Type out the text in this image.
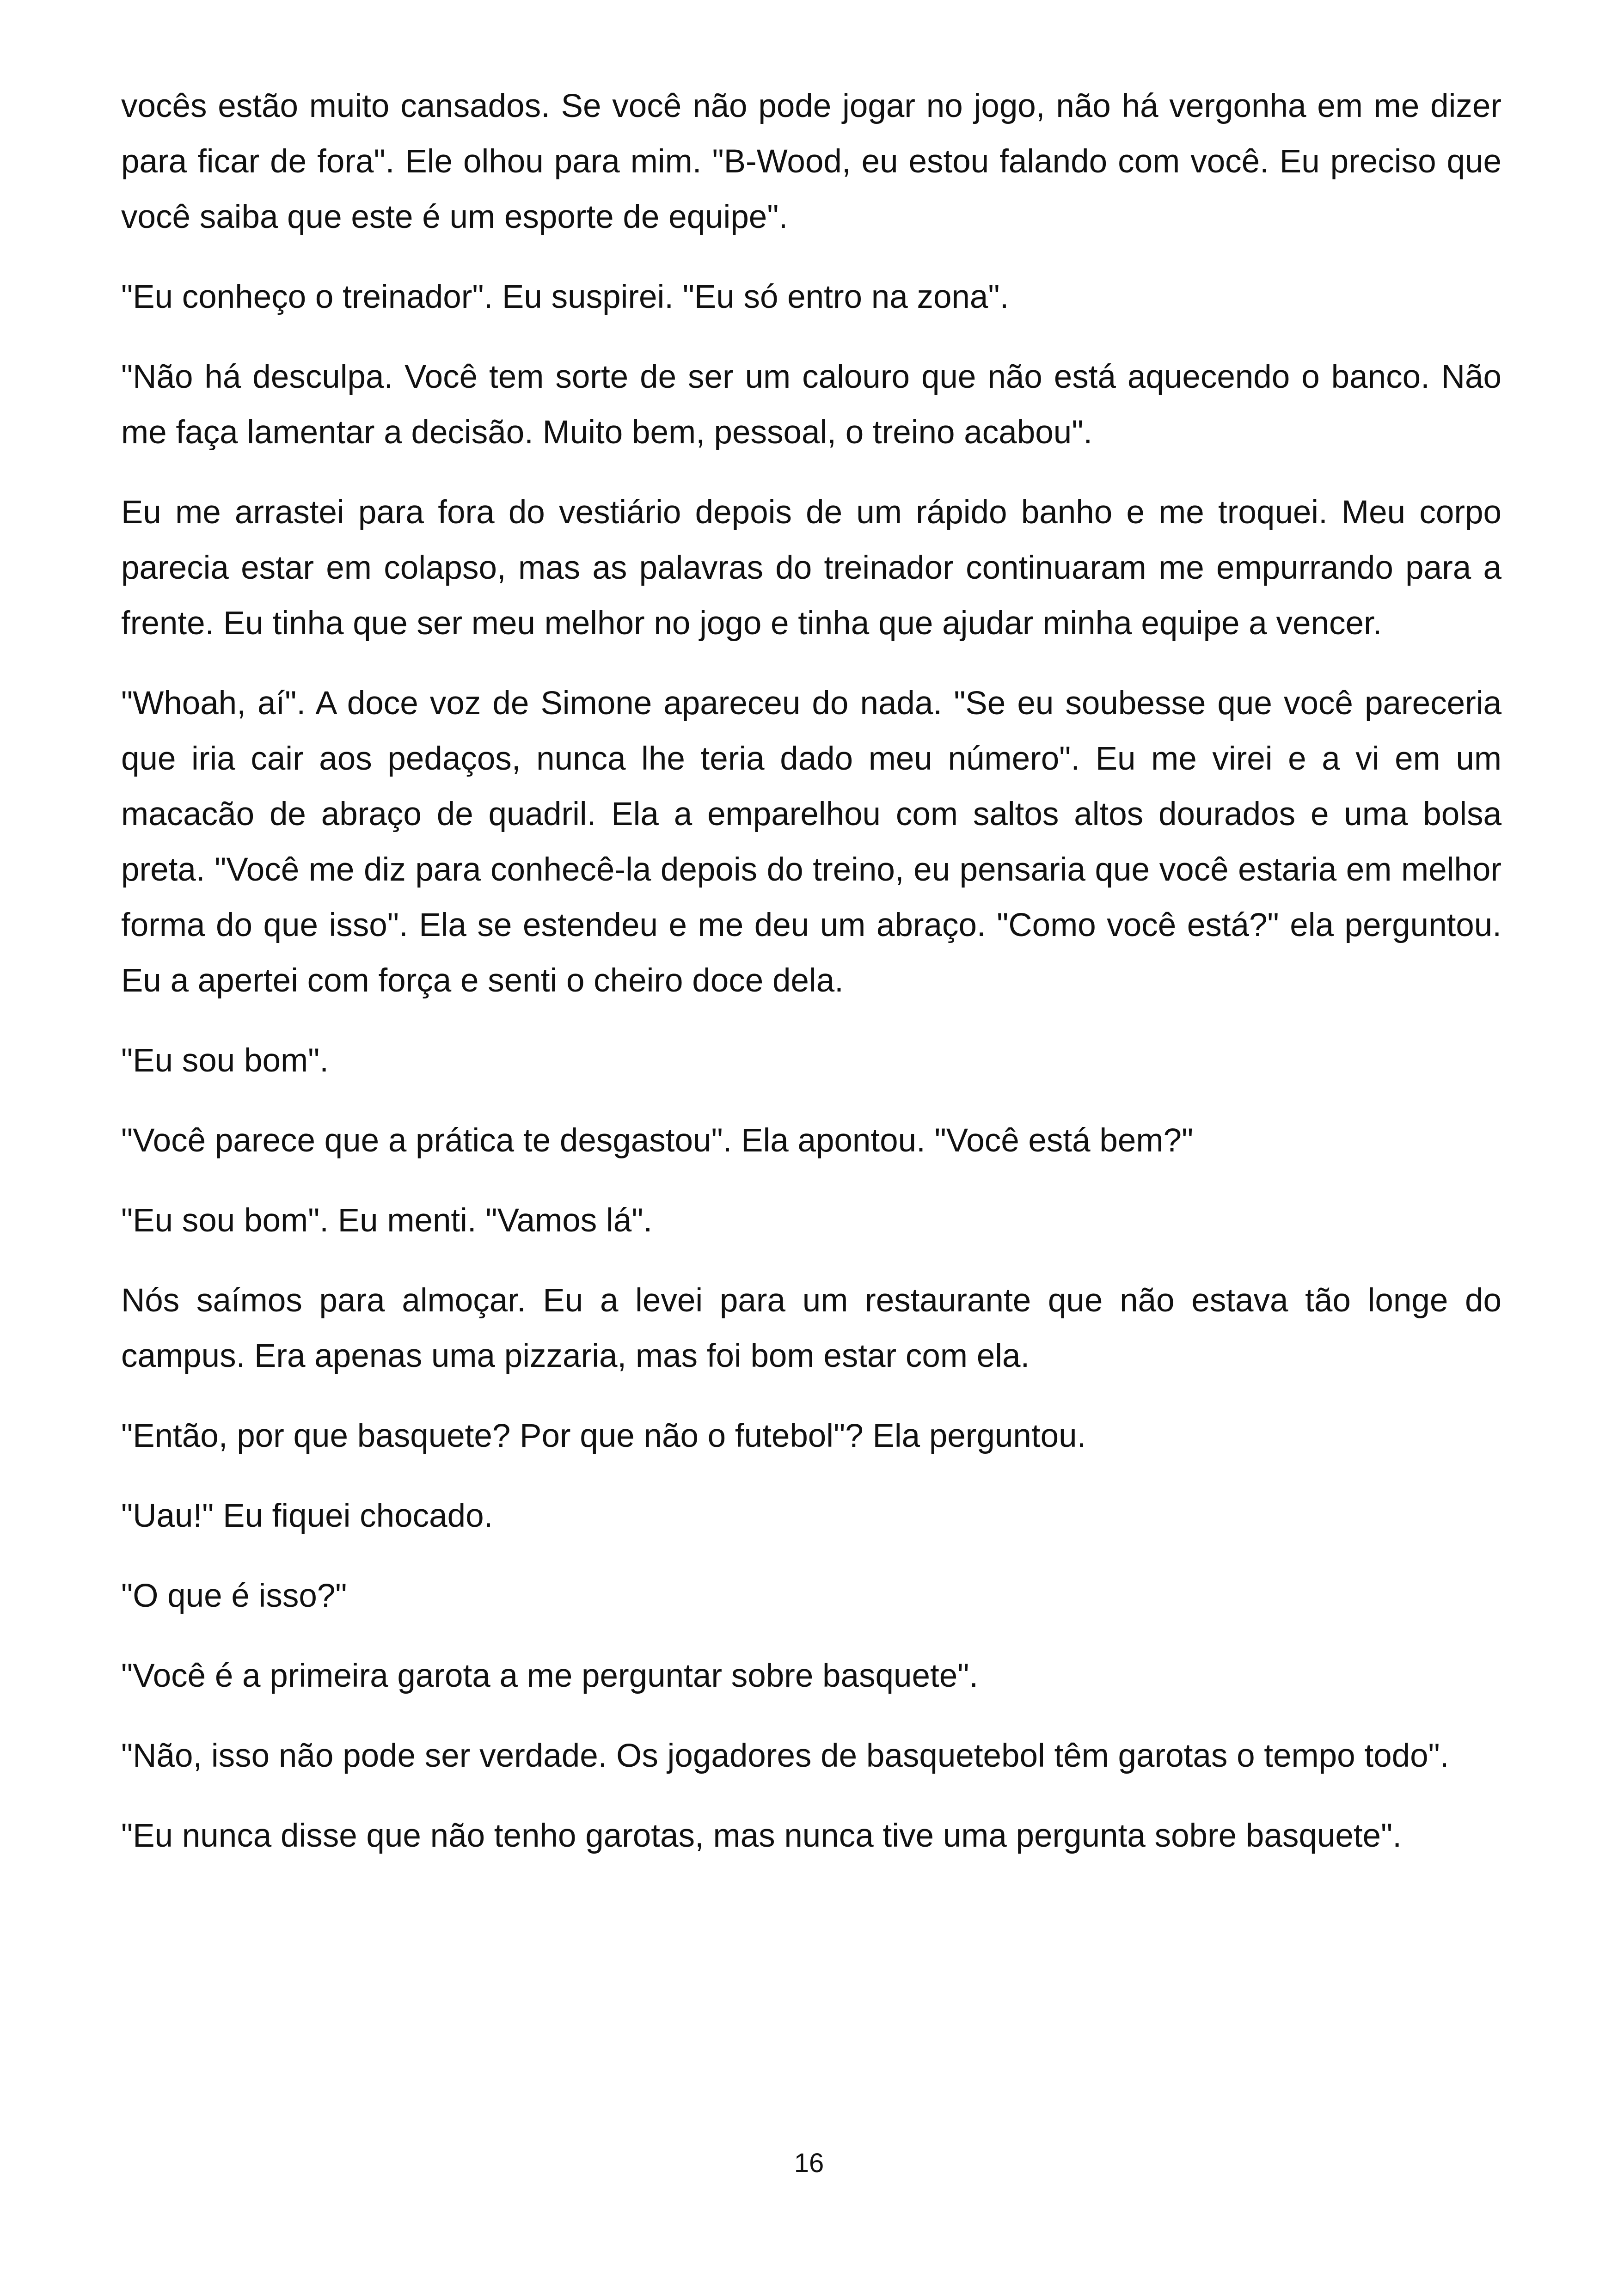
vocês estão muito cansados. Se você não pode jogar no jogo, não há vergonha em me dizer para ficar de fora". Ele olhou para mim. "B-Wood, eu estou falando com você. Eu preciso que você saiba que este é um esporte de equipe".

"Eu conheço o treinador". Eu suspirei. "Eu só entro na zona".

"Não há desculpa. Você tem sorte de ser um calouro que não está aquecendo o banco. Não me faça lamentar a decisão. Muito bem, pessoal, o treino acabou".

Eu me arrastei para fora do vestiário depois de um rápido banho e me troquei. Meu corpo parecia estar em colapso, mas as palavras do treinador continuaram me empurrando para a frente. Eu tinha que ser meu melhor no jogo e tinha que ajudar minha equipe a vencer.

"Whoah, aí". A doce voz de Simone apareceu do nada. "Se eu soubesse que você pareceria que iria cair aos pedaços, nunca lhe teria dado meu número". Eu me virei e a vi em um macacão de abraço de quadril. Ela a emparelhou com saltos altos dourados e uma bolsa preta. "Você me diz para conhecê-la depois do treino, eu pensaria que você estaria em melhor forma do que isso". Ela se estendeu e me deu um abraço. "Como você está?" ela perguntou. Eu a apertei com força e senti o cheiro doce dela.

"Eu sou bom".

"Você parece que a prática te desgastou". Ela apontou. "Você está bem?"

"Eu sou bom". Eu menti. "Vamos lá".

Nós saímos para almoçar. Eu a levei para um restaurante que não estava tão longe do campus. Era apenas uma pizzaria, mas foi bom estar com ela.

"Então, por que basquete? Por que não o futebol"? Ela perguntou.

"Uau!" Eu fiquei chocado.

"O que é isso?"

"Você é a primeira garota a me perguntar sobre basquete".

"Não, isso não pode ser verdade. Os jogadores de basquetebol têm garotas o tempo todo".

"Eu nunca disse que não tenho garotas, mas nunca tive uma pergunta sobre basquete".

16
